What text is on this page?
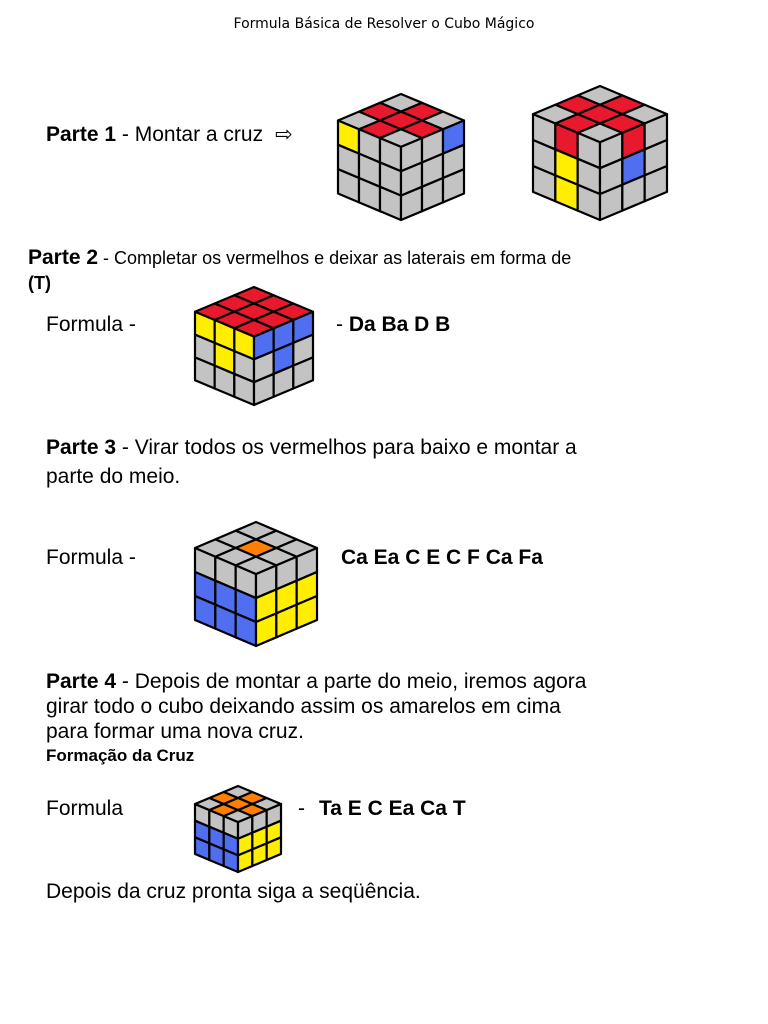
Formula Básica de Resolver o Cubo Mágico
Parte 1 - Montar a cruz ⇨
Parte 2 - Completar os vermelhos e deixar as laterais em forma de
(T)
Formula -	- Da Ba D B
Parte 3 - Virar todos os vermelhos para baixo e montar a
parte do meio.
Formula -	Ca Ea C E C F Ca Fa
Parte 4 - Depois de montar a parte do meio, iremos agora
girar todo o cubo deixando assim os amarelos em cima
para formar uma nova cruz.
Formação da Cruz
Formula	- Ta E C Ea Ca T
Depois da cruz pronta siga a seqüência.
